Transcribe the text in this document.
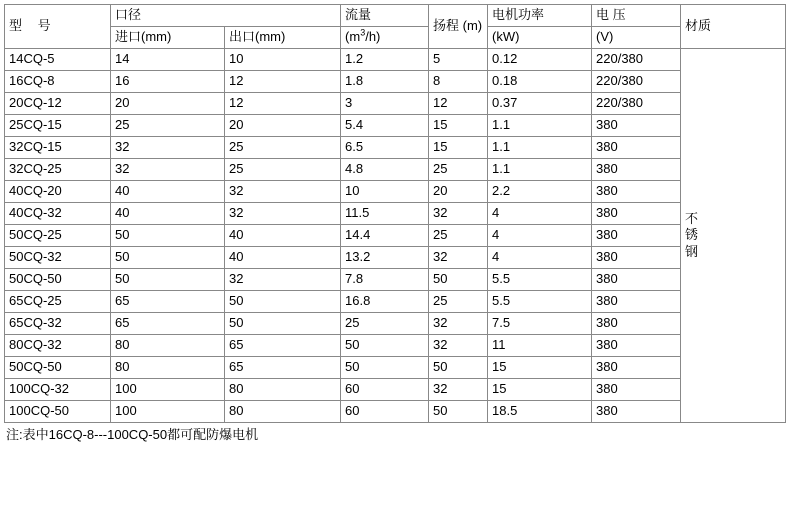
型 号	口径		流量	扬程 (m)	电机功率	电 压	材质
	进口(mm)	出口(mm)	$(m^3/h)$		(kW)	(V)	
14CQ-5	14	10	1.2	5	0.12	220/380	不
锈
钢

16CQ-8	16	12	1.8	8	0.18	220/380	
20CQ-12	20	12	3	12	0.37	220/380	
25CQ-15	25	20	5.4	15	1.1	380	
32CQ-15	32	25	6.5	15	1.1	380	
32CQ-25	32	25	4.8	25	1.1	380	
40CQ-20	40	32	10	20	2.2	380	
40CQ-32	40	32	11.5	32	4	380	
50CQ-25	50	40	14.4	25	4	380	
50CQ-32	50	40	13.2	32	4	380	
50CQ-50	50	32	7.8	50	5.5	380	
65CQ-25	65	50	16.8	25	5.5	380	
65CQ-32	65	50	25	32	7.5	380	
80CQ-32	80	65	50	32	11	380	
50CQ-50	80	65	50	50	15	380	
100CQ-32	100	80	60	32	15	380	
100CQ-50	100	80	60	50	18.5	380	
注:表中16CQ-8---100CQ-50都可配防爆电机
